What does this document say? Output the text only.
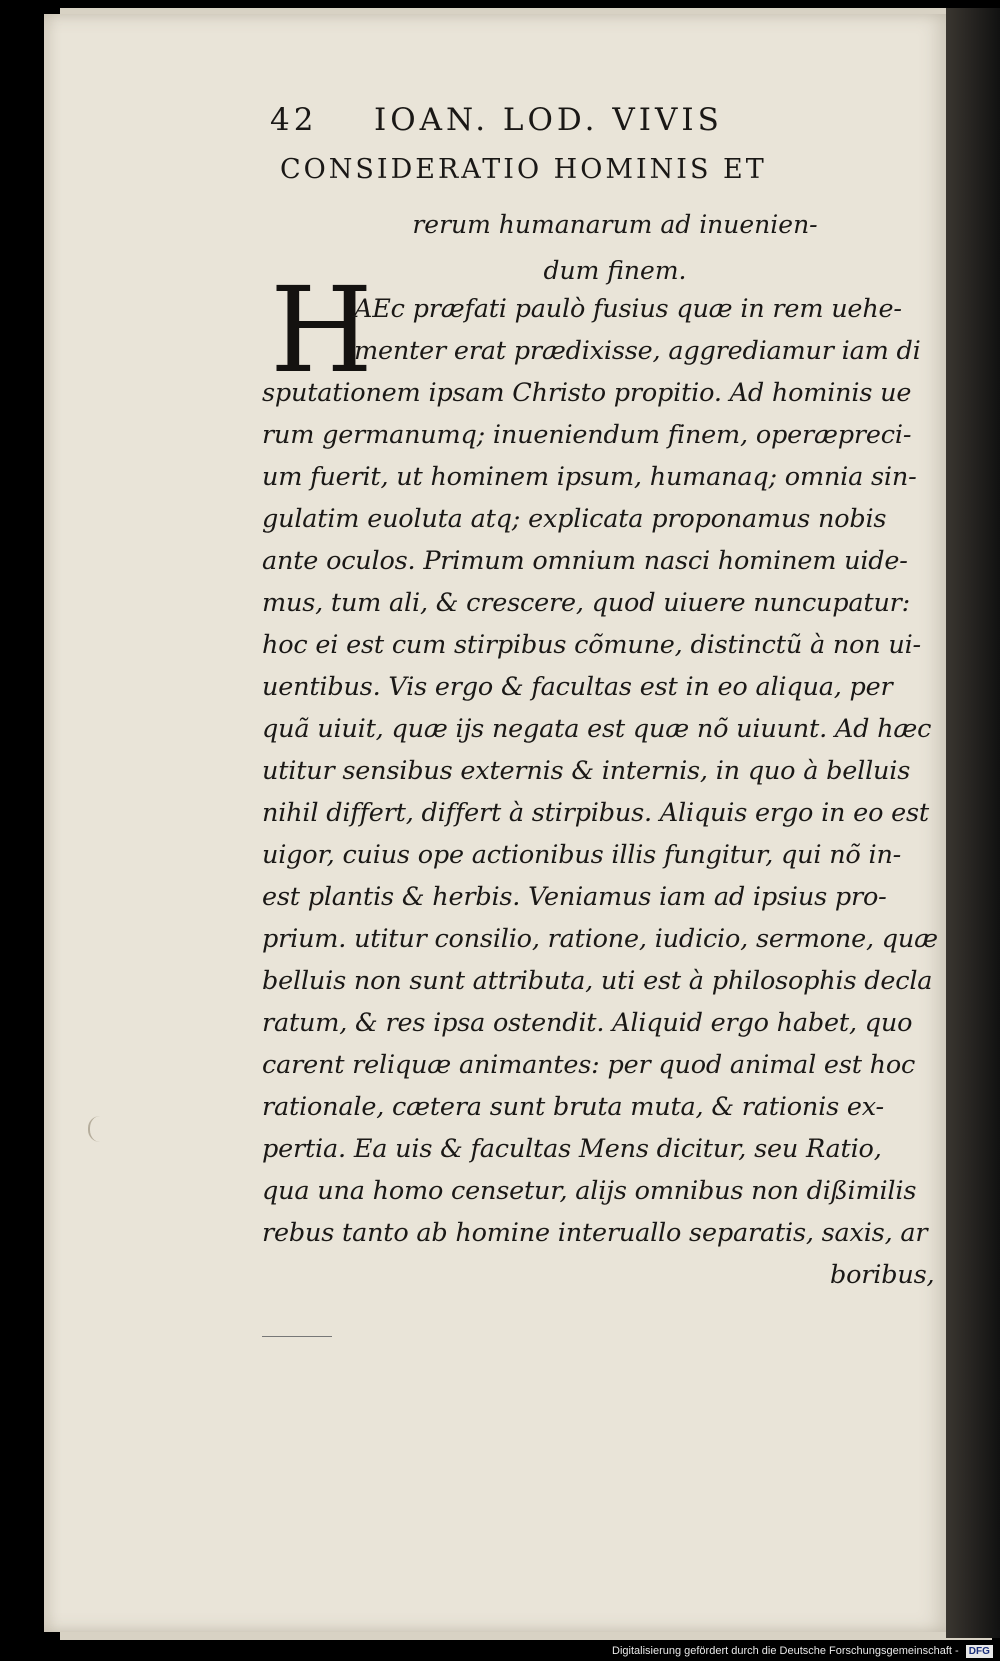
42 IOAN. LOD. VIVIS
CONSIDERATIO HOMINIS ET
rerum humanarum ad inuenien-
dum finem.
H
AEc præfati paulò fusius quæ in rem uehe-
menter erat prædixisse, aggrediamur iam di
sputationem ipsam Christo propitio. Ad hominis ue
rum germanumq; inueniendum finem, operæpreci-
um fuerit, ut hominem ipsum, humanaq; omnia sin-
gulatim euoluta atq; explicata proponamus nobis
ante oculos. Primum omnium nasci hominem uide-
mus, tum ali, & crescere, quod uiuere nuncupatur:
hoc ei est cum stirpibus cõmune, distinctũ à non ui-
uentibus. Vis ergo & facultas est in eo aliqua, per
quã uiuit, quæ ijs negata est quæ nõ uiuunt. Ad hæc
utitur sensibus externis & internis, in quo à belluis
nihil differt, differt à stirpibus. Aliquis ergo in eo est
uigor, cuius ope actionibus illis fungitur, qui nõ in-
est plantis & herbis. Veniamus iam ad ipsius pro-
prium. utitur consilio, ratione, iudicio, sermone, quæ
belluis non sunt attributa, uti est à philosophis decla
ratum, & res ipsa ostendit. Aliquid ergo habet, quo
carent reliquæ animantes: per quod animal est hoc
rationale, cætera sunt bruta muta, & rationis ex-
pertia. Ea uis & facultas Mens dicitur, seu Ratio,
qua una homo censetur, alijs omnibus non dißimilis
rebus tanto ab homine interuallo separatis, saxis, ar
boribus,
Digitalisierung gefördert durch die Deutsche Forschungsgemeinschaft - DFG
